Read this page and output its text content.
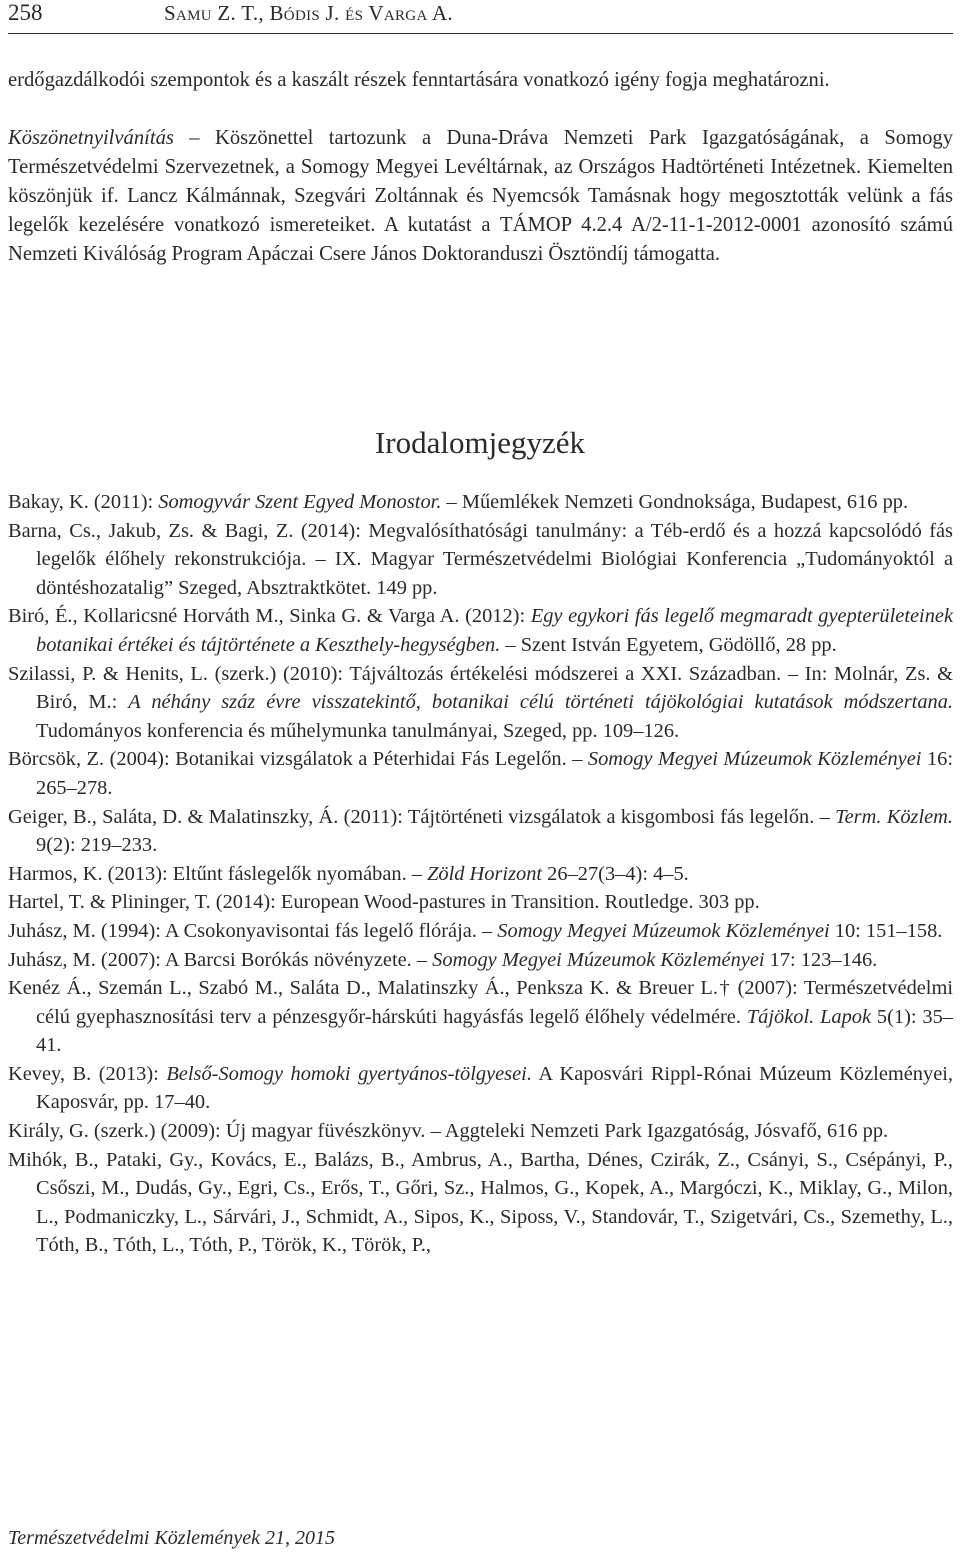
258	Samu Z. T., Bódis J. és Varga A.

erdőgazdálkodói szempontok és a kaszált részek fenntartására vonatkozó igény fogja meghatározni.

Köszönetnyilvánítás – Köszönettel tartozunk a Duna-Dráva Nemzeti Park Igazgatóságának, a Somogy Természetvédelmi Szervezetnek, a Somogy Megyei Levéltárnak, az Országos Hadtörténeti Intézetnek. Kiemelten köszönjük if. Lancz Kálmánnak, Szegvári Zoltánnak és Nyemcsók Tamásnak hogy megosztották velünk a fás legelők kezelésére vonatkozó ismereteiket. A kutatást a TÁMOP 4.2.4 A/2-11-1-2012-0001 azonosító számú Nemzeti Kiválóság Program Apáczai Csere János Doktoranduszi Ösztöndíj támogatta.

Irodalomjegyzék

Bakay, K. (2011): Somogyvár Szent Egyed Monostor. – Műemlékek Nemzeti Gondnoksága, Budapest, 616 pp.

Barna, Cs., Jakub, Zs. & Bagi, Z. (2014): Megvalósíthatósági tanulmány: a Téb-erdő és a hozzá kapcsolódó fás legelők élőhely rekonstrukciója. – IX. Magyar Természetvédelmi Biológiai Konferencia „Tudományoktól a döntéshozatalig” Szeged, Absztraktkötet. 149 pp.

Biró, É., Kollaricsné Horváth M., Sinka G. & Varga A. (2012): Egy egykori fás legelő megmaradt gyepterületeinek botanikai értékei és tájtörténete a Keszthely-hegységben. – Szent István Egyetem, Gödöllő, 28 pp.

Szilassi, P. & Henits, L. (szerk.) (2010): Tájváltozás értékelési módszerei a XXI. Században. – In: Molnár, Zs. & Biró, M.: A néhány száz évre visszatekintő, botanikai célú történeti tájökológiai kutatások módszertana. Tudományos konferencia és műhelymunka tanulmányai, Szeged, pp. 109–126.

Börcsök, Z. (2004): Botanikai vizsgálatok a Péterhidai Fás Legelőn. – Somogy Megyei Múzeumok Közleményei 16: 265–278.

Geiger, B., Saláta, D. & Malatinszky, Á. (2011): Tájtörténeti vizsgálatok a kisgombosi fás legelőn. – Term. Közlem. 9(2): 219–233.

Harmos, K. (2013): Eltűnt fáslegelők nyomában. – Zöld Horizont 26–27(3–4): 4–5.

Hartel, T. & Plininger, T. (2014): European Wood-pastures in Transition. Routledge. 303 pp.

Juhász, M. (1994): A Csokonyavisontai fás legelő flórája. – Somogy Megyei Múzeumok Közleményei 10: 151–158.

Juhász, M. (2007): A Barcsi Borókás növényzete. – Somogy Megyei Múzeumok Közleményei 17: 123–146.

Kenéz Á., Szemán L., Szabó M., Saláta D., Malatinszky Á., Penksza K. & Breuer L.† (2007): Természetvédelmi célú gyephasznosítási terv a pénzesgyőr-hárskúti hagyásfás legelő élőhely védelmére. Tájökol. Lapok 5(1): 35–41.

Kevey, B. (2013): Belső-Somogy homoki gyertyános-tölgyesei. A Kaposvári Rippl-Rónai Múzeum Közleményei, Kaposvár, pp. 17–40.

Király, G. (szerk.) (2009): Új magyar füvészkönyv. – Aggteleki Nemzeti Park Igazgatóság, Jósvafő, 616 pp.

Mihók, B., Pataki, Gy., Kovács, E., Balázs, B., Ambrus, A., Bartha, Dénes, Czirák, Z., Csányi, S., Csépányi, P., Csőszi, M., Dudás, Gy., Egri, Cs., Erős, T., Gőri, Sz., Halmos, G., Kopek, A., Margóczi, K., Miklay, G., Milon, L., Podmaniczky, L., Sárvári, J., Schmidt, A., Sipos, K., Siposs, V., Standovár, T., Szigetvári, Cs., Szemethy, L., Tóth, B., Tóth, L., Tóth, P., Török, K., Török, P.,

Természetvédelmi Közlemények 21, 2015
